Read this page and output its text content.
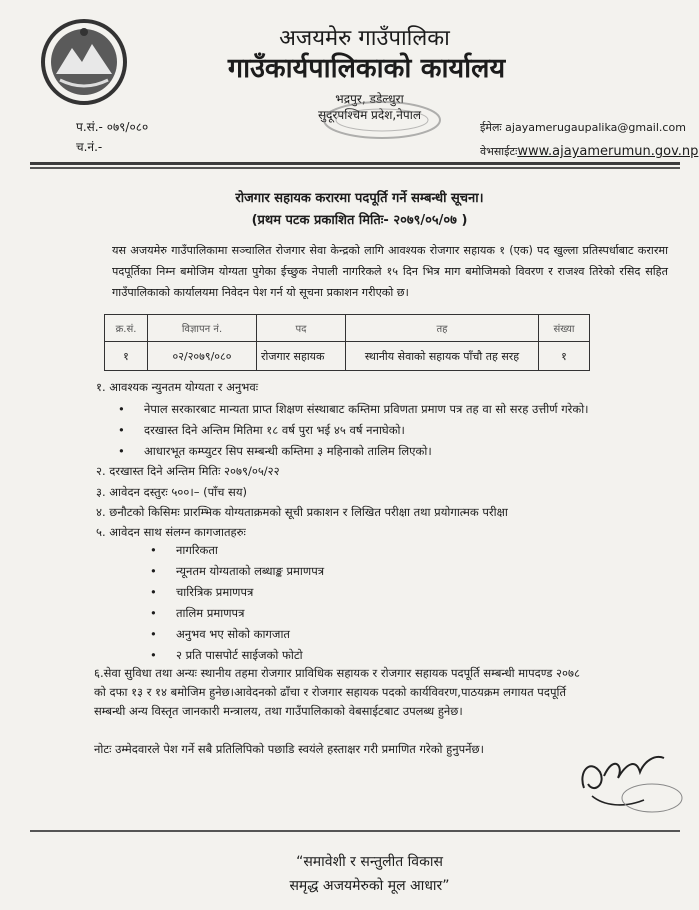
अजयमेरु गाउँपालिका
गाउँकार्यपालिकाको कार्यालय
भद्रपुर, डडेल्धुरा
सुदूरपश्चिम प्रदेश,नेपाल
प.सं.- ०७९/०८०
च.नं.-
ईमेलः ajayamerugaupalika@gmail.com
वेभसाईटःwww.ajayamerumun.gov.np
रोजगार सहायक करारमा पदपूर्ति गर्ने सम्बन्धी सूचना।
(प्रथम पटक प्रकाशित मितिः- २०७९/०५/०७ )
यस अजयमेरु गाउँपालिकामा सञ्चालित रोजगार सेवा केन्द्रको लागि आवश्यक रोजगार सहायक १ (एक) पद खुल्ला प्रतिस्पर्धाबाट करारमा पदपूर्तिका निम्न बमोजिम योग्यता पुगेका ईच्छुक नेपाली नागरिकले १५ दिन भित्र माग बमोजिमको विवरण र राजश्व तिरेको रसिद सहित गाउँपालिकाको कार्यालयमा निवेदन पेश गर्न यो सूचना प्रकाशन गरीएको छ।
क्र.सं.	विज्ञापन नं.	पद	तह	संख्या
१	०२/२०७९/०८०	रोजगार सहायक	स्थानीय सेवाको सहायक पाँचौ तह सरह	१
१. आवश्यक न्युनतम योग्यता र अनुभवः
• नेपाल सरकारबाट मान्यता प्राप्त शिक्षण संस्थाबाट कम्तिमा प्रविणता प्रमाण पत्र तह वा सो सरह उत्तीर्ण गरेको।
• दरखास्त दिने अन्तिम मितिमा १८ वर्ष पुरा भई ४५ वर्ष ननाघेको।
• आधारभूत कम्प्युटर सिप सम्बन्धी कम्तिमा ३ महिनाको तालिम लिएको।
२. दरखास्त दिने अन्तिम मितिः २०७९/०५/२२
३. आवेदन दस्तुरः ५००।– (पाँच सय)
४. छनौटको किसिमः प्रारम्भिक योग्यताक्रमको सूची प्रकाशन र लिखित परीक्षा तथा प्रयोगात्मक परीक्षा
५. आवेदन साथ संलग्न कागजातहरुः
• नागरिकता
• न्यूनतम योग्यताको लब्धाङ्क प्रमाणपत्र
• चारित्रिक प्रमाणपत्र
• तालिम प्रमाणपत्र
• अनुभव भए सोको कागजात
• २ प्रति पासपोर्ट साईजको फोटो
६.सेवा सुविधा तथा अन्यः स्थानीय तहमा रोजगार प्राविधिक सहायक र रोजगार सहायक पदपूर्ति सम्बन्धी मापदण्ड २०७८
को दफा १३ र १४ बमोजिम हुनेछ।आवेदनको ढाँचा र रोजगार सहायक पदको कार्यविवरण,पाठयक्रम लगायत पदपूर्ति
सम्बन्धी अन्य विस्तृत जानकारी मन्त्रालय, तथा गाउँपालिकाको वेबसाईटबाट उपलब्ध हुनेछ।
नोटः उम्मेदवारले पेश गर्ने सबै प्रतिलिपिको पछाडि स्वयंले हस्ताक्षर गरी प्रमाणित गरेको हुनुपर्नेछ।
“समावेशी र सन्तुलीत विकास
समृद्ध अजयमेरुको मूल आधार”
